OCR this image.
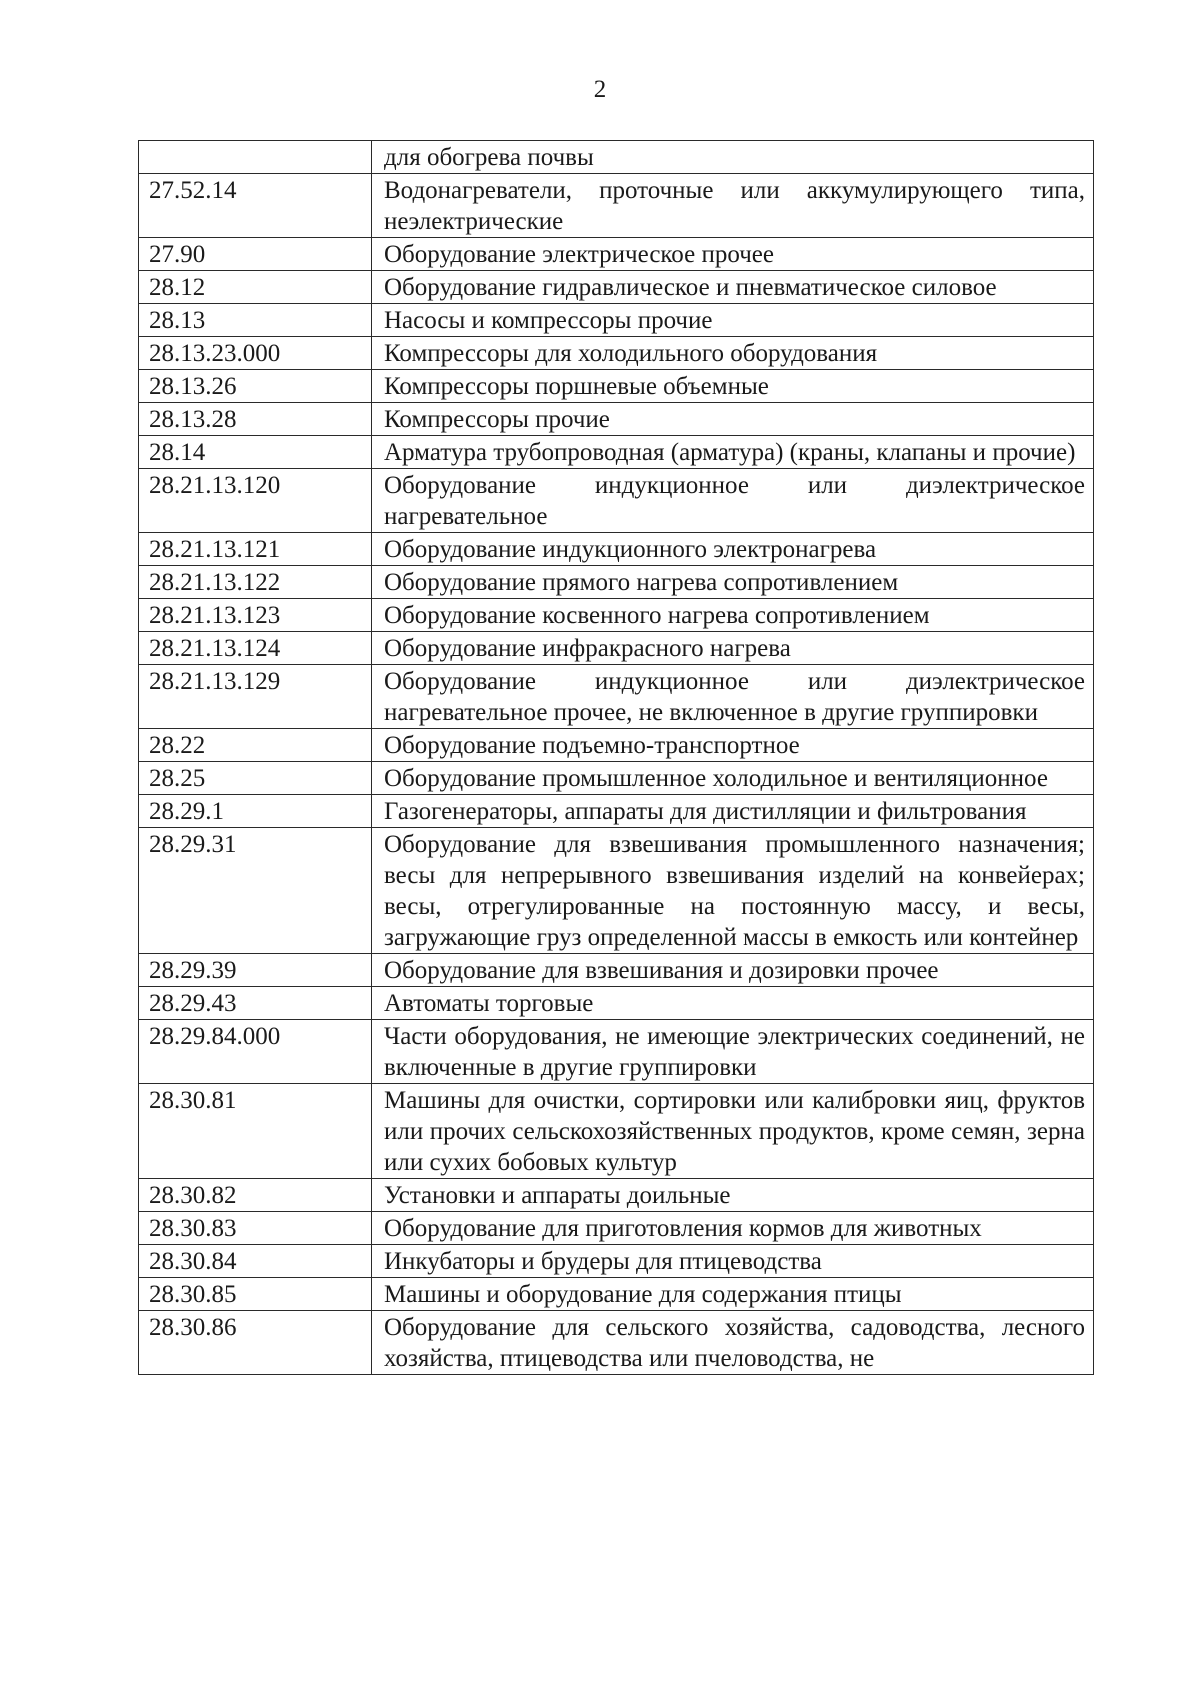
2
	для обогрева почвы
27.52.14	Водонагреватели, проточные или аккумулирующего типа, неэлектрические
27.90	Оборудование электрическое прочее
28.12	Оборудование гидравлическое и пневматическое силовое
28.13	Насосы и компрессоры прочие
28.13.23.000	Компрессоры для холодильного оборудования
28.13.26	Компрессоры поршневые объемные
28.13.28	Компрессоры прочие
28.14	Арматура трубопроводная (арматура) (краны, клапаны и прочие)
28.21.13.120	Оборудование индукционное или диэлектрическое нагревательное
28.21.13.121	Оборудование индукционного электронагрева
28.21.13.122	Оборудование прямого нагрева сопротивлением
28.21.13.123	Оборудование косвенного нагрева сопротивлением
28.21.13.124	Оборудование инфракрасного нагрева
28.21.13.129	Оборудование индукционное или диэлектрическое нагревательное прочее, не включенное в другие группировки
28.22	Оборудование подъемно-транспортное
28.25	Оборудование промышленное холодильное и вентиляционное
28.29.1	Газогенераторы, аппараты для дистилляции и фильтрования
28.29.31	Оборудование для взвешивания промышленного назначения; весы для непрерывного взвешивания изделий на конвейерах; весы, отрегулированные на постоянную массу, и весы, загружающие груз определенной массы в емкость или контейнер
28.29.39	Оборудование для взвешивания и дозировки прочее
28.29.43	Автоматы торговые
28.29.84.000	Части оборудования, не имеющие электрических соединений, не включенные в другие группировки
28.30.81	Машины для очистки, сортировки или калибровки яиц, фруктов или прочих сельскохозяйственных продуктов, кроме семян, зерна или сухих бобовых культур
28.30.82	Установки и аппараты доильные
28.30.83	Оборудование для приготовления кормов для животных
28.30.84	Инкубаторы и брудеры для птицеводства
28.30.85	Машины и оборудование для содержания птицы
28.30.86	Оборудование для сельского хозяйства, садоводства, лесного хозяйства, птицеводства или пчеловодства, не
